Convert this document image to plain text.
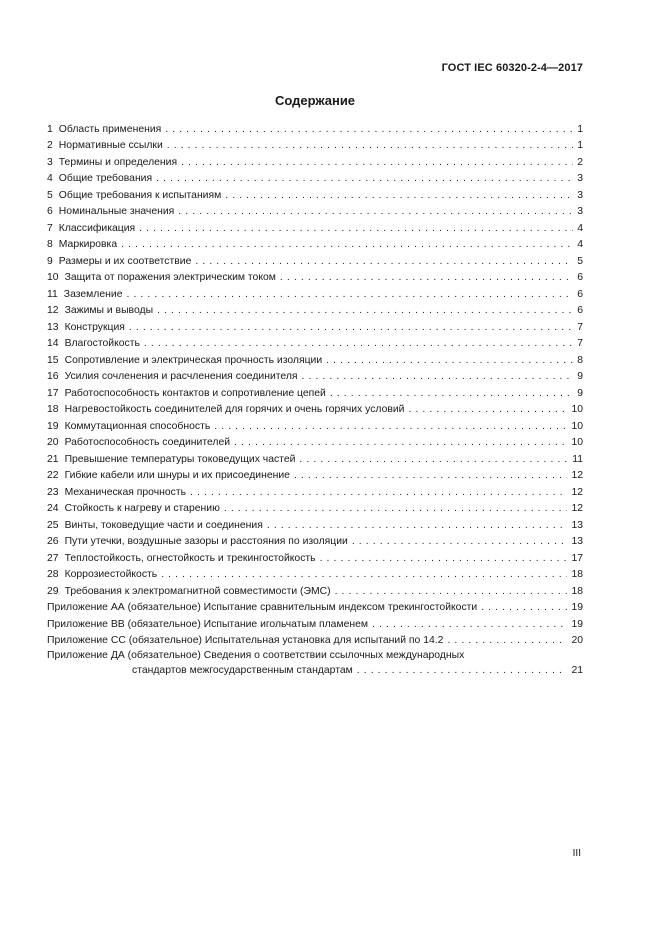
ГОСТ IEC 60320-2-4—2017
Содержание
1 Область применения . . .	1
2 Нормативные ссылки . . .	1
3 Термины и определения . . .	2
4 Общие требования . . .	3
5 Общие требования к испытаниям . . .	3
6 Номинальные значения . . .	3
7 Классификация . . .	4
8 Маркировка . . .	4
9 Размеры и их соответствие . . .	5
10 Защита от поражения электрическим током . . .	6
11 Заземление . . .	6
12 Зажимы и выводы . . .	6
13 Конструкция . . .	7
14 Влагостойкость . . .	7
15 Сопротивление и электрическая прочность изоляции . . .	8
16 Усилия сочленения и расчленения соединителя . . .	9
17 Работоспособность контактов и сопротивление цепей . . .	9
18 Нагревостойкость соединителей для горячих и очень горячих условий . . .	10
19 Коммутационная способность . . .	10
20 Работоспособность соединителей . . .	10
21 Превышение температуры токоведущих частей . . .	11
22 Гибкие кабели или шнуры и их присоединение . . .	12
23 Механическая прочность . . .	12
24 Стойкость к нагреву и старению . . .	12
25 Винты, токоведущие части и соединения . . .	13
26 Пути утечки, воздушные зазоры и расстояния по изоляции . . .	13
27 Теплостойкость, огнестойкость и трекингостойкость . . .	17
28 Коррозиестойкость . . .	18
29 Требования к электромагнитной совместимости (ЭМС) . . .	18
Приложение АА (обязательное) Испытание сравнительным индексом трекингостойкости . . .	19
Приложение ВВ (обязательное) Испытание игольчатым пламенем . . .	19
Приложение СС (обязательное) Испытательная установка для испытаний по 14.2 . . .	20
Приложение ДА (обязательное) Сведения о соответствии ссылочных международных
стандартов межгосударственным стандартам . . .	21
III
